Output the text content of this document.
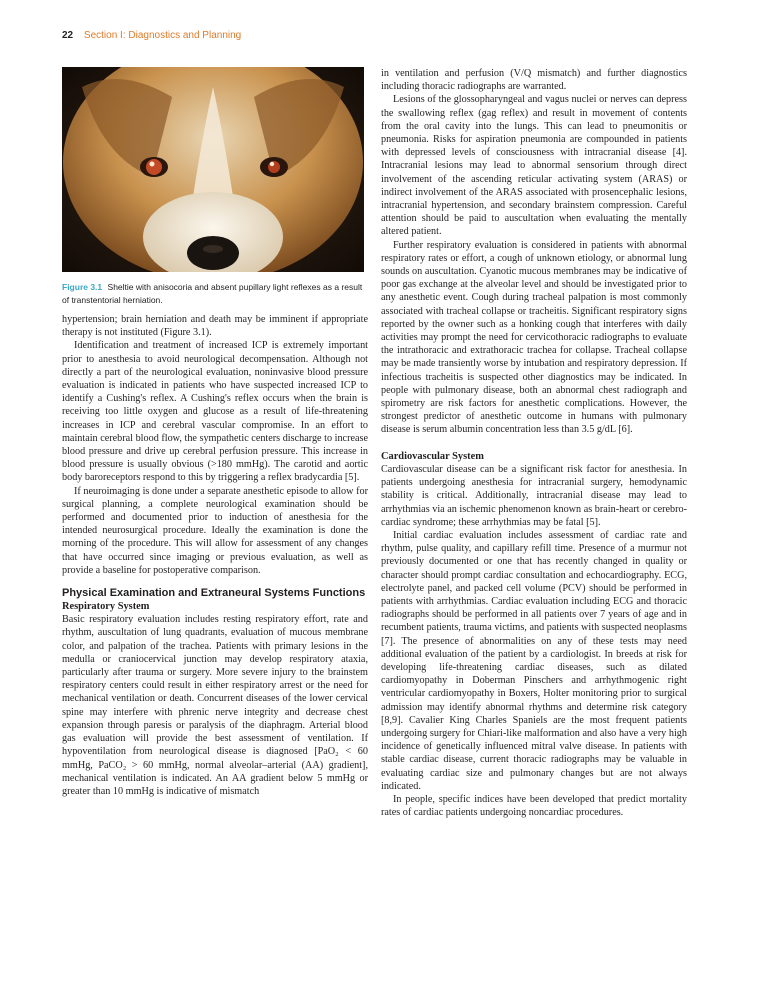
22 Section I: Diagnostics and Planning
Figure 3.1 Sheltie with anisocoria and absent pupillary light reflexes as a result of transtentorial herniation.

hypertension; brain herniation and death may be imminent if appropriate therapy is not instituted (Figure 3.1).

Identification and treatment of increased ICP is extremely important prior to anesthesia to avoid neurological decompensation. Although not directly a part of the neurological evaluation, noninvasive blood pressure evaluation is indicated in patients who have suspected increased ICP to identify a Cushing's reflex. A Cushing's reflex occurs when the brain is receiving too little oxygen and glucose as a result of life-threatening increases in ICP and cerebral vascular compromise. In an effort to maintain cerebral blood flow, the sympathetic centers discharge to increase blood pressure and drive up cerebral perfusion pressure. This increase in blood pressure is usually obvious (>180 mmHg). The carotid and aortic body baroreceptors respond to this by triggering a reflex bradycardia [5].

If neuroimaging is done under a separate anesthetic episode to allow for surgical planning, a complete neurological examination should be performed and documented prior to induction of anesthesia for the intended neurosurgical procedure. Ideally the examination is done the morning of the procedure. This will allow for assessment of any changes that have occurred since imaging or previous evaluation, as well as provide a baseline for postoperative comparison.

Physical Examination and Extraneural Systems Functions
Respiratory System

Basic respiratory evaluation includes resting respiratory effort, rate and rhythm, auscultation of lung quadrants, evaluation of mucous membrane color, and palpation of the trachea. Patients with primary lesions in the medulla or craniocervical junction may develop respiratory ataxia, particularly after trauma or surgery. More severe injury to the brainstem respiratory centers could result in either respiratory arrest or the need for mechanical ventilation or death. Concurrent diseases of the lower cervical spine may interfere with phrenic nerve integrity and decrease chest expansion through paresis or paralysis of the diaphragm. Arterial blood gas evaluation will provide the best assessment of ventilation. If hypoventilation from neurological disease is diagnosed [PaO₂ < 60 mmHg, PaCO₂ > 60 mmHg, normal alveolar–arterial (AA) gradient], mechanical ventilation is indicated. An AA gradient below 5 mmHg or greater than 10 mmHg is indicative of mismatch

in ventilation and perfusion (V/Q mismatch) and further diagnostics including thoracic radiographs are warranted.

Lesions of the glossopharyngeal and vagus nuclei or nerves can depress the swallowing reflex (gag reflex) and result in movement of contents from the oral cavity into the lungs. This can lead to pneumonitis or pneumonia. Risks for aspiration pneumonia are compounded in patients with depressed levels of consciousness with intracranial disease [4]. Intracranial lesions may lead to abnormal sensorium through direct involvement of the ascending reticular activating system (ARAS) or indirect involvement of the ARAS associated with prosencephalic lesions, intracranial hypertension, and secondary brainstem compression. Careful attention should be paid to auscultation when evaluating the mentally altered patient.

Further respiratory evaluation is considered in patients with abnormal respiratory rates or effort, a cough of unknown etiology, or abnormal lung sounds on auscultation. Cyanotic mucous membranes may be indicative of poor gas exchange at the alveolar level and should be investigated prior to any anesthetic event. Cough during tracheal palpation is most commonly associated with tracheal collapse or tracheitis. Significant respiratory signs reported by the owner such as a honking cough that interferes with daily activities may prompt the need for cervicothoracic radiographs to evaluate the intrathoracic and extrathoracic trachea for collapse. Tracheal collapse may be made transiently worse by intubation and respiratory depression. If infectious tracheitis is suspected other diagnostics may be indicated. In people with pulmonary disease, both an abnormal chest radiograph and spirometry are risk factors for anesthetic complications. However, the strongest predictor of anesthetic outcome in humans with pulmonary disease is serum albumin concentration less than 3.5 g/dL [6].

Cardiovascular System

Cardiovascular disease can be a significant risk factor for anesthesia. In patients undergoing anesthesia for intracranial surgery, hemodynamic stability is critical. Additionally, intracranial disease may lead to arrhythmias via an ischemic phenomenon known as brain-heart or cerebro-cardiac syndrome; these arrhythmias may be fatal [5].

Initial cardiac evaluation includes assessment of cardiac rate and rhythm, pulse quality, and capillary refill time. Presence of a murmur not previously documented or one that has recently changed in quality or character should prompt cardiac consultation and echocardiography. ECG, electrolyte panel, and packed cell volume (PCV) should be performed in patients with arrhythmias. Cardiac evaluation including ECG and thoracic radiographs should be performed in all patients over 7 years of age and in recumbent patients, trauma victims, and patients with suspected neoplasms [7]. The presence of abnormalities on any of these tests may need additional evaluation of the patient by a cardiologist. In breeds at risk for developing life-threatening cardiac diseases, such as dilated cardiomyopathy in Doberman Pinschers and arrhythmogenic right ventricular cardiomyopathy in Boxers, Holter monitoring prior to surgical admission may identify abnormal rhythms and determine risk category [8,9]. Cavalier King Charles Spaniels are the most frequent patients undergoing surgery for Chiari-like malformation and also have a very high incidence of genetically influenced mitral valve disease. In patients with stable cardiac disease, current thoracic radiographs may be valuable in evaluating cardiac size and pulmonary changes but are not always indicated.

In people, specific indices have been developed that predict mortality rates of cardiac patients undergoing noncardiac procedures.
